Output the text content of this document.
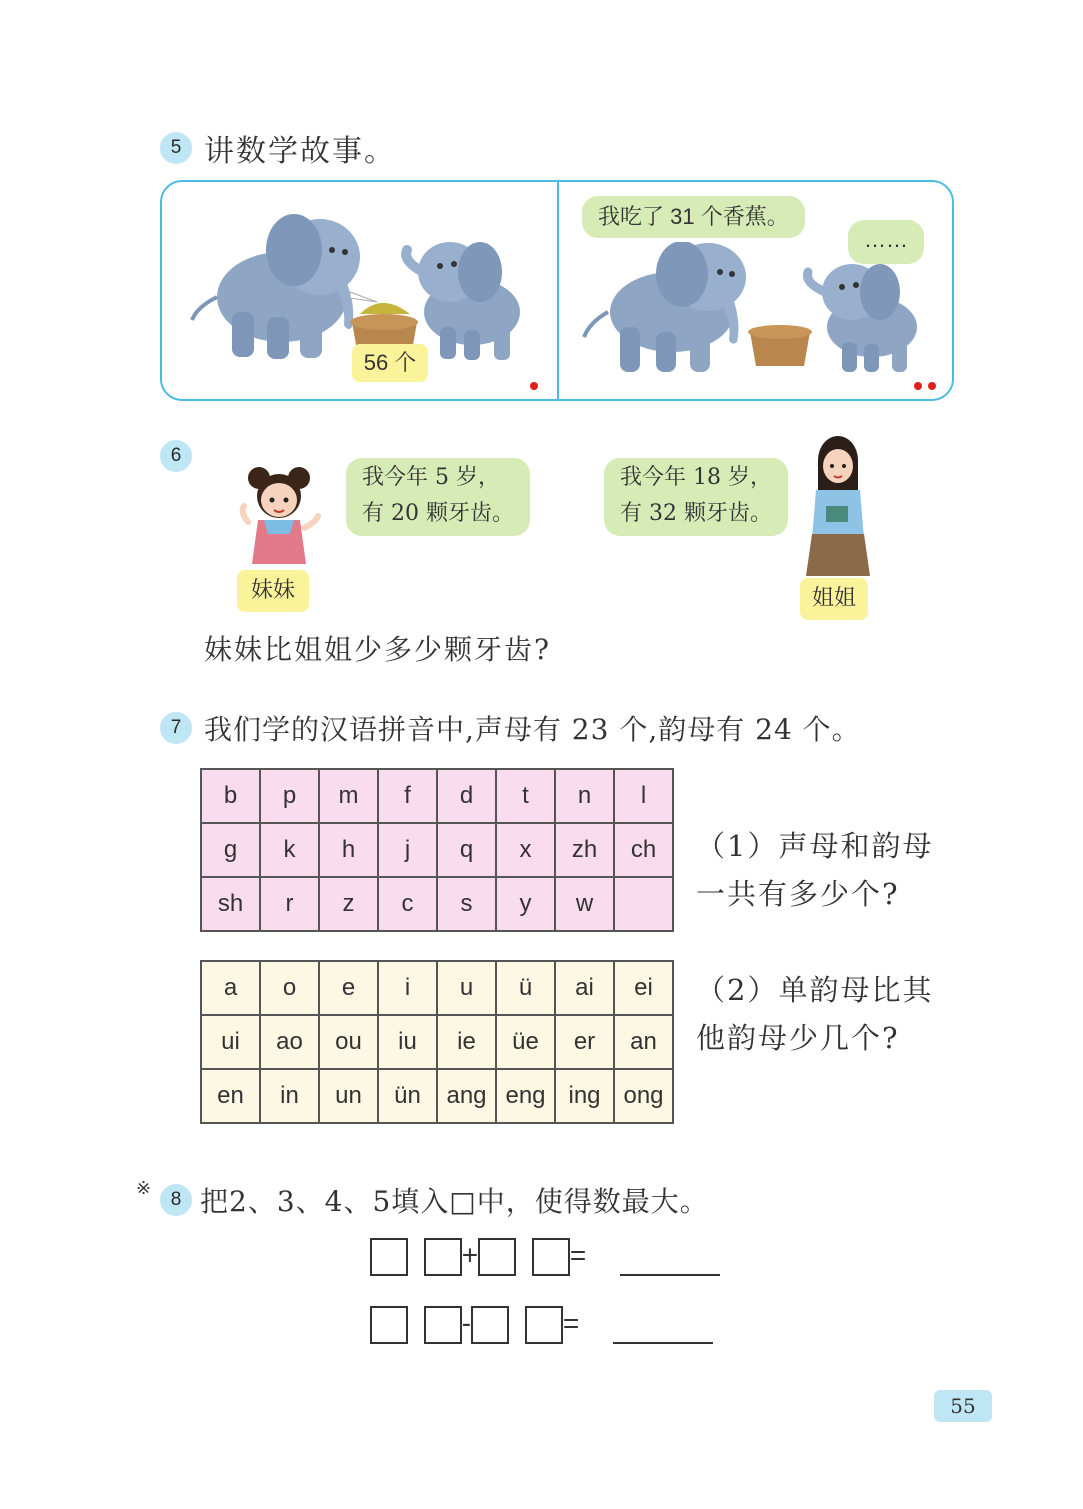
5 讲数学故事。
56 个
我吃了 31 个香蕉。
……
6
我今年 5 岁，
有 20 颗牙齿。
妹妹
我今年 18 岁，
有 32 颗牙齿。
姐姐
妹妹比姐姐少多少颗牙齿?
7 我们学的汉语拼音中,声母有 23 个,韵母有 24 个。
b	p	m	f	d	t	n	l
g	k	h	j	q	x	zh	ch
sh	r	z	c	s	y	w	
（1）声母和韵母
一共有多少个?
a	o	e	i	u	ü	ai	ei
ui	ao	ou	iu	ie	üe	er	an
en	in	un	ün	ang	eng	ing	ong
（2）单韵母比其
他韵母少几个?
※
8 把2、3、4、5填入□中，使得数最大。
+	=
-	=
55
